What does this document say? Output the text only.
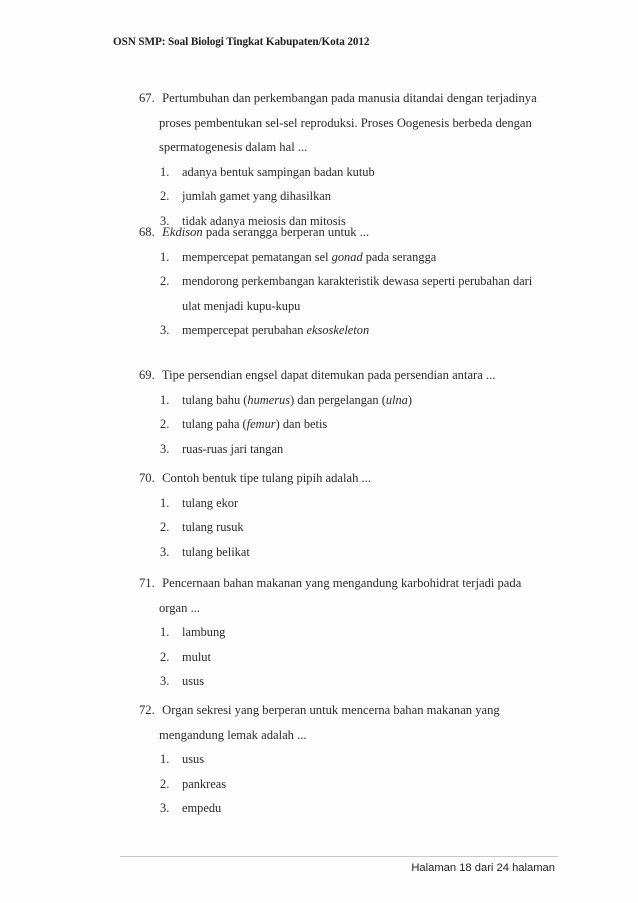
OSN SMP: Soal Biologi Tingkat Kabupaten/Kota 2012
67. Pertumbuhan dan perkembangan pada manusia ditandai dengan terjadinya
proses pembentukan sel-sel reproduksi. Proses Oogenesis berbeda dengan
spermatogenesis dalam hal ...
1. adanya bentuk sampingan badan kutub
2. jumlah gamet yang dihasilkan
3. tidak adanya meiosis dan mitosis
68. Ekdison pada serangga berperan untuk ...
1. mempercepat pematangan sel gonad pada serangga
2. mendorong perkembangan karakteristik dewasa seperti perubahan dari
ulat menjadi kupu-kupu
3. mempercepat perubahan eksoskeleton
69. Tipe persendian engsel dapat ditemukan pada persendian antara ...
1. tulang bahu (humerus) dan pergelangan (ulna)
2. tulang paha (femur) dan betis
3. ruas-ruas jari tangan
70. Contoh bentuk tipe tulang pipih adalah ...
1. tulang ekor
2. tulang rusuk
3. tulang belikat
71. Pencernaan bahan makanan yang mengandung karbohidrat terjadi pada
organ ...
1. lambung
2. mulut
3. usus
72. Organ sekresi yang berperan untuk mencerna bahan makanan yang
mengandung lemak adalah ...
1. usus
2. pankreas
3. empedu
Halaman 18 dari 24 halaman
